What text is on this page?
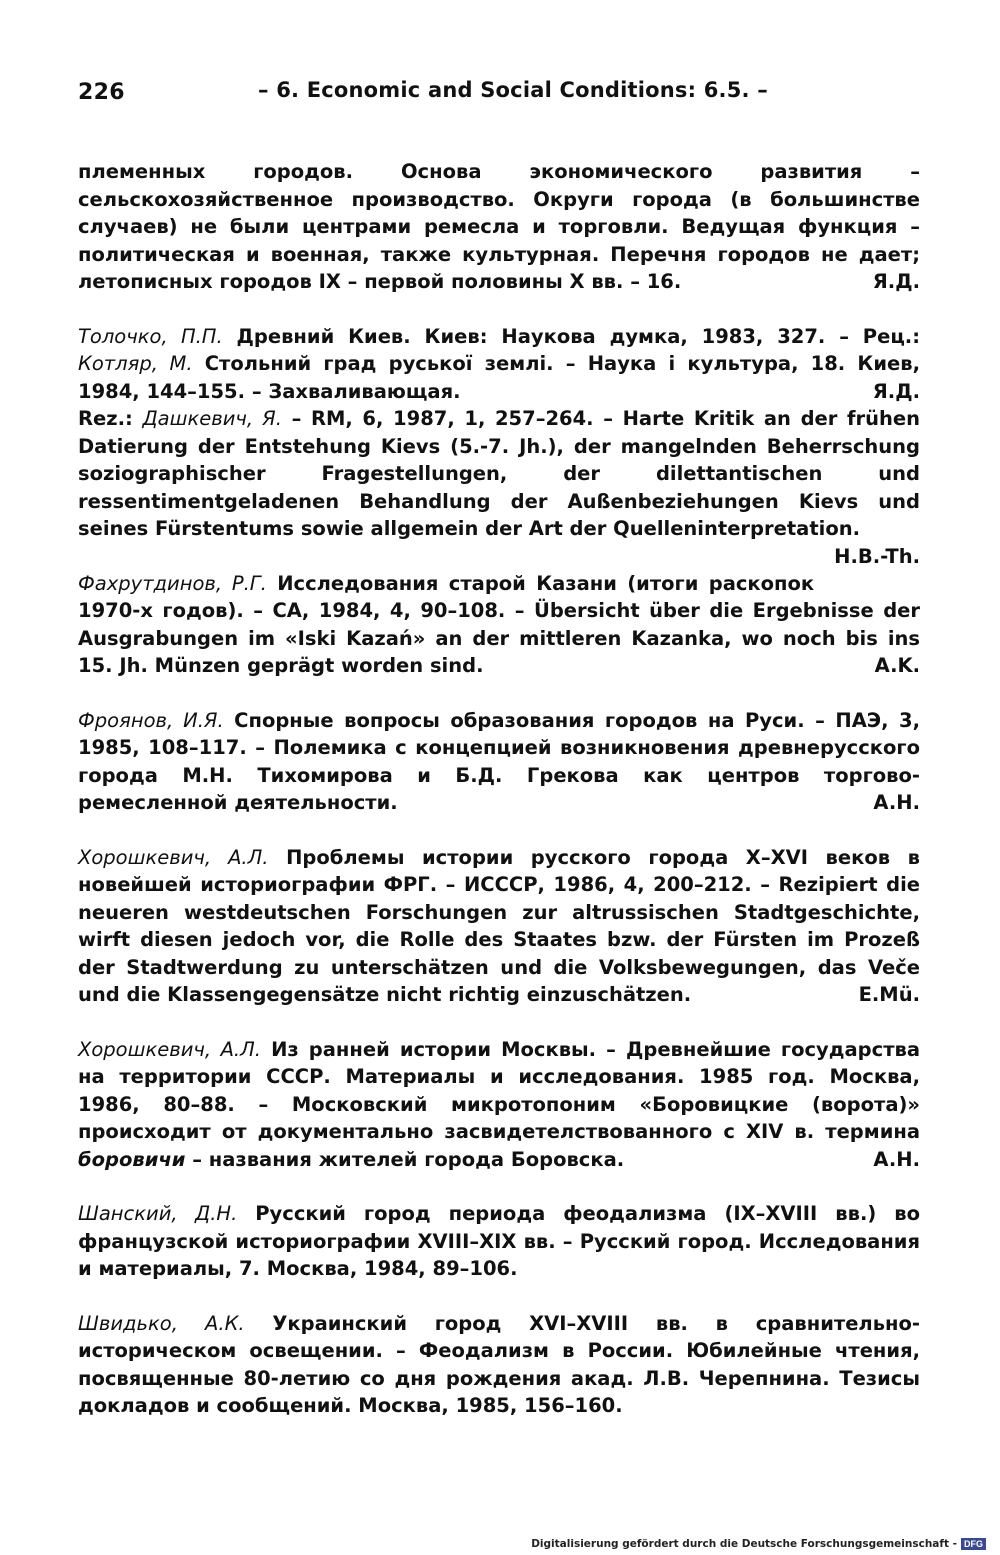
226	– 6. Economic and Social Conditions: 6.5. –

племенных городов. Основа экономического развития – сельскохозяйственное производство. Округи города (в большинстве случаев) не были центрами ремесла и торговли. Ведущая функция – политическая и военная, также культурная. Перечня городов не дает; летописных городов IX – первой половины X вв. – 16.	Я.Д.

Толочко, П.П. Древний Киев. Киев: Наукова думка, 1983, 327. – Рец.: Котляр, М. Стольний град руськоï землі. – Наука і культура, 18. Киев, 1984, 144–155. – Захваливающая.	Я.Д.

Rez.: Дашкевич, Я. – RM, 6, 1987, 1, 257–264. – Harte Kritik an der frühen Datierung der Entstehung Kievs (5.-7. Jh.), der mangelnden Beherrschung soziographischer Fragestellungen, der dilettantischen und ressentimentgeladenen Behandlung der Außenbeziehungen Kievs und seines Fürstentums sowie allgemein der Art der Quelleninterpretation.
H.B.-Th.

Фахрутдинов, Р.Г. Исследования старой Казани (итоги раскопок 1970-х годов). – СА, 1984, 4, 90–108. – Übersicht über die Ergebnisse der Ausgrabungen im «Iski Kazań» an der mittleren Kazanka, wo noch bis ins 15. Jh. Münzen geprägt worden sind.	A.K.

Фроянов, И.Я. Спорные вопросы образования городов на Руси. – ПАЭ, 3, 1985, 108–117. – Полемика с концепцией возникновения древнерусского города М.Н. Тихомирова и Б.Д. Грекова как центров торгово-ремесленной деятельности.	A.H.

Хорошкевич, А.Л. Проблемы истории русского города X–XVI веков в новейшей историографии ФРГ. – ИСССР, 1986, 4, 200–212. – Rezipiert die neueren westdeutschen Forschungen zur altrussischen Stadtgeschichte, wirft diesen jedoch vor, die Rolle des Staates bzw. der Fürsten im Prozeß der Stadtwerdung zu unterschätzen und die Volksbewegungen, das Veče und die Klassengegensätze nicht richtig einzuschätzen.	E.Mü.

Хорошкевич, А.Л. Из ранней истории Москвы. – Древнейшие государства на территории СССР. Материалы и исследования. 1985 год. Москва, 1986, 80–88. – Московский микротопоним «Боровицкие (ворота)» происходит от документально засвидетелствованного с XIV в. термина боровичи – названия жителей города Боровска.	A.H.

Шанский, Д.Н. Русский город периода феодализма (IX–XVIII вв.) во французской историографии XVIII–XIX вв. – Русский город. Исследования и материалы, 7. Москва, 1984, 89–106.

Швидько, А.К. Украинский город XVI–XVIII вв. в сравнительно-историческом освещении. – Феодализм в России. Юбилейные чтения, посвященные 80-летию со дня рождения акад. Л.В. Черепнина. Тезисы докладов и сообщений. Москва, 1985, 156–160.

Digitalisierung gefördert durch die Deutsche Forschungsgemeinschaft - DFG
